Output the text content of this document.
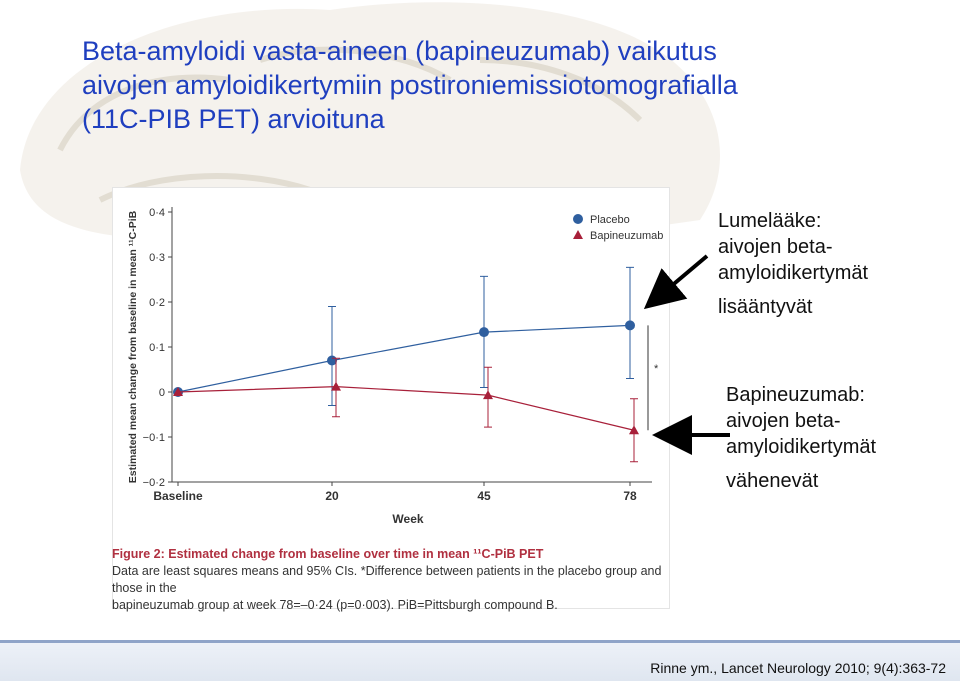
Beta-amyloidi vasta-aineen (bapineuzumab) vaikutus
aivojen amyloidikertymiin postironiemissiotomografialla
(11C-PIB PET) arvioituna
0·4
0·3
0·2
0·1
0
−0·1
−0·2
Baseline	20	45	78
*
Placebo
Bapineuzumab
Estimated mean change from baseline in mean ¹¹C-PiB
Week
Figure 2: Estimated change from baseline over time in mean ¹¹C-PiB PET
Data are least squares means and 95% CIs. *Difference between patients in the placebo group and those in the
bapineuzumab group at week 78=–0·24 (p=0·003). PiB=Pittsburgh compound B.
Lumelääke:
aivojen beta-
amyloidikertymät
lisääntyvät
Bapineuzumab:
aivojen beta-
amyloidikertymät
vähenevät
Rinne ym., Lancet Neurology 2010; 9(4):363-72
